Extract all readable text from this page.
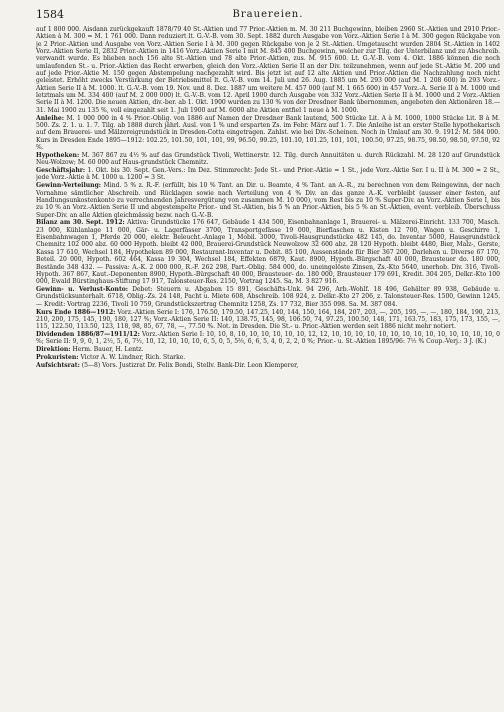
1584	Brauereien.

auf 1 800 000. Aisdann zurückgekauft 1878/79 40 St.-Aktien und 77 Prior.-Aktien m. M. 30 211 Buchgewinn, bleiben 2960 St.-Aktien und 2910 Prior.-Aktien à M. 300 = M. 1 761 000. Dann reduziert lt. G.-V.-B. vom 30. Sept. 1882 durch Ausgabe von Vorz.-Aktien Serie I à M. 300 gegen Rückgabe von je 2 Prior.-Aktien und Ausgabe von Vorz.-Aktien Serie I à M. 300 gegen Rückgabe von je 2 St.-Aktien. Umgetauscht wurden 2804 St.-Aktien in 1402 Vorz.-Aktien Serie II, 2832 Prior.-Aktien in 1416 Vorz.-Aktien Serie I mit M. 845 400 Buchgewinn, welcher zur Tilg. der Unterbilanz und zu Abschreib. verwandt wurde. Es blieben noch 156 alte St.-Aktien und 78 alte Prior.-Aktien, zus. M. 915 600. Lt. G.-V.-B. vom 4. Okt. 1886 können die noch umlaufenden St.- u. Prior.-Aktien das Recht erwerben, gleich den Vorz.-Aktien Serie II an der Div. teilzunehmen, wenn auf jede St.-Aktie M. 200 und auf jede Prior.-Aktie M. 150 gegen Abstempelung nachgezahlt wird. Bis jetzt ist auf 12 alte Aktien und Prior.-Aktien die Nachzahlung noch nicht geleistet. Erhöht zwecks Verstärkung der Betriebsmittel lt. G.-V.-B. vom 14. Juli und 26. Aug. 1885 um M. 293 000 (auf M. 1 208 600) in 293 Vorz.-Aktien Serie II à M. 1000. lt. G.-V.-B. vom 19. Nov. und 8. Dez. 1887 um weitere M. 457 000 (auf M. 1 665 600) in 457 Vorz.-A. Serie II à M. 1000 und letztmals um M. 334 400 (auf M. 2 000 000) lt. G.-V.-B. vom 12. April 1900 durch Ausgabe von 332 Vorz.-Aktien Serie II à M. 1000 und 2 Vorz.-Aktien Serie II à M. 1200. Die neuen Aktien, div.-ber. ab 1. Okt. 1900 wurden zu 130 % von der Dresdner Bank übernommen, angeboten den Aktionären 18.—31. Mai 1900 zu 135 %, voll eingezahlt seit 1. Juli 1900 auf M. 6000 alte Aktien entfiel 1 neue à M. 1000.

Anleihe: M. 1 000 000 in 4 % Prior.-Oblig. von 1886 auf Namen der Dresdner Bank lautend, 500 Stücke Lit. A à M. 1000, 1000 Stücke Lit. B à M. 500. Zs. 2. 1. u. 1. 7. Tilg. ab 1888 durch jährl. Ausl. von 1 % und ersparten Zs. im Febr. März auf 1. 7. Die Anleihe ist an erster Stelle hypothekarisch auf dem Brauerei- und Mälzereigrundstück in Dresden-Cotta eingetragen. Zahlst. wie bei Div.-Scheinen. Noch in Umlauf am 30. 9. 1912: M. 584 000. Kurs in Dresden Ende 1895—1912: 102.25, 101.50, 101, 101, 99, 96.50, 99.25, 101.10, 101.25, 101, 101, 100.50, 97.25, 98.75, 98.50, 98.50, 97.50, 92 %.

Hypotheken: M. 367 867 zu 4½ % auf das Grundstück Tivoli, Wettinerstr. 12. Tilg. durch Annuitäten u. durch Rückzahl. M. 28 120 auf Grundstück Neu-Wolzow; M. 60 000 auf Haus-grundstück Chemnitz.

Geschäftsjahr: 1. Okt. bis 30. Sept. Gen.-Vers.: Im Dez. Stimmrecht: Jede St.- und Prior.-Aktie = 1 St., jede Vorz.-Aktie Ser. I u. II à M. 300 = 2 St., jede Vorz.-Aktie à M. 1000 u. 1200 = 3 St.

Gewinn-Verteilung: Mind. 5 % z. R.-F. (erfüllt, bis 10 % Tant. an Dir. u. Beamte, 4 % Tant. an A.-R., zu berechnen von dem Reingewinn, der nach Vornahme sämtlicher Abschreib. und Rücklagen sowie nach Verteilung von 4 % Div. an das ganze A.-K. verbleibt (ausser einer festen, auf Handlungsunkostenkonto zu verrechnenden Jahresvergütung von zusammen M. 10 000), vom Rest bis zu 10 % Super-Div. an Vorz.-Aktien Serie I, bis zu 10 % an Vorz.-Aktien Serie II und abgestempelte Prior.- und St.-Aktien, bis 5 % an Prior.-Aktien, bis 5 % an St.-Aktien, event. verbleib. Überschuss Super-Div. an alle Aktien gleichmässig bezw. nach G.-V.-B.

Bilanz am 30. Sept. 1912: Aktiva: Grundstücke 176 647, Gebäude 1 434 500, Eisenbahnanlage 1, Brauerei- u. Mälzerei-Einricht. 133 700, Masch. 23 000, Kühlanlage 11 000, Gär- u. Lagerfässer 3700, Transportgefässe 19 000, Bierflaschen u. Kisten 12 700, Wagen u. Geschirre 1, Eisenbahnwagen 1, Pferde 20 000, elektr. Beleucht.-Anlage 1, Mobil. 3000, Tivoli-Hausgrundstücke 482 145, do. Inventar 5000, Hausgrundstück Chemnitz 102 000 abz. 60 000 Hypoth. bleibt 42 000, Brauerei-Grundstück Neuwolzow 32 600 abz. 28 120 Hypoth. bleibt 4480, Bier, Malz-, Gerste, Kassa 17 610, Wechsel 184, Hypotheken 89 000, Restaurant-Inventar u. Debit. 85 100, Aussenstände für Bier 367 200, Darlehen u. Diverse 67 170, Beteil. 20 000, Hypoth. 602 464, Kassa 19 304, Wechsel 184, Effekten 6879, Kaut. 8900, Hypoth.-Bürgschaft 40 000, Brausteuer do. 180 000, Bestände 348 432. — Passiva: A.-K. 2 000 000, R.-F. 262 298, Part.-Oblig. 584 000, do. uneingelöste Zinsen, Zs.-Kto 5640, unerhob. Div. 316, Tivoli-Hypoth. 367 867, Kaut.-Deponenten 8900, Hypoth.-Bürgschaft 40 000, Brausteuer- do. 180 000, Brausteuer 179 691, Kredit. 304 205, Delkr.-Kto 100 000, Ewald Bürstinghaus-Stiftung 17 917, Talonsteuer-Res. 2150, Vortrag 1245. Sa. M. 3 827 916.

Gewinn- u. Verlust-Konto: Debet: Steuern u. Abgaben 15 891, Geschäfts-Unk. 94 296, Arb.-Wohlf. 18 496, Gehälter 89 938, Gebäude u. Grundstücksunterhalt. 6718, Oblig.-Zs. 24 148, Pacht u. Miete 608, Abschreib. 108 924, z. Delkr.-Kto 27 206, z. Talonsteuer-Res. 1500, Gewinn 1245. — Kredit: Vortrag 2236, Tivoli 10 759, Grundstückszertrag Chemnitz 1258, Zs. 17 732, Bier 355 098. Sa. M. 387 084.

Kurs Ende 1886—1912: Vorz.-Aktien Serie I: 176, 176.50, 179.50, 147.25, 140, 144, 150, 164, 184, 207, 203, —, 205, 195, —, —, 180, 184, 190, 213, 210, 200, 175, 145, 190, 180, 127 %; Vorz.-Aktien Serie II: 140, 138.75, 145, 98, 106.50, 74, 97.25, 100.50, 148, 171, 163.75, 183, 175, 173, 155, —, 115, 122.50, 113.50, 123, 118, 98, 85, 67, 78, —, 77.50 %. Not. in Dresden. Die St.- u. Prior.-Aktien werden seit 1886 nicht mehr notiert.

Dividenden 1886/87—1911/12: Vorz.-Aktien Serie I: 10, 10, 8, 10, 10, 10, 10, 10, 10, 12, 12, 10, 10, 10, 10, 10, 10, 10, 10, 10, 10, 10, 10, 10, 10, 0 %; Serie II: 9, 9, 0, 1, 2½, 5, 6, 7½, 10, 12, 10, 10, 10, 6, 5, 0, 5, 5⅔, 6, 6, 5, 4, 0, 2, 2, 0 %; Prior.- u. St.-Aktien 1895/96: 7½ % Coup.-Verj.: 3 J. (K.)

Direktion: Herm. Bauer, H. Lentz.

Prokuristen: Victor A. W. Lindner, Rich. Starke.

Aufsichtsrat: (5—8) Vors. Justizrat Dr. Felix Bondi, Stellv. Bank-Dir. Leon Klemperer,
